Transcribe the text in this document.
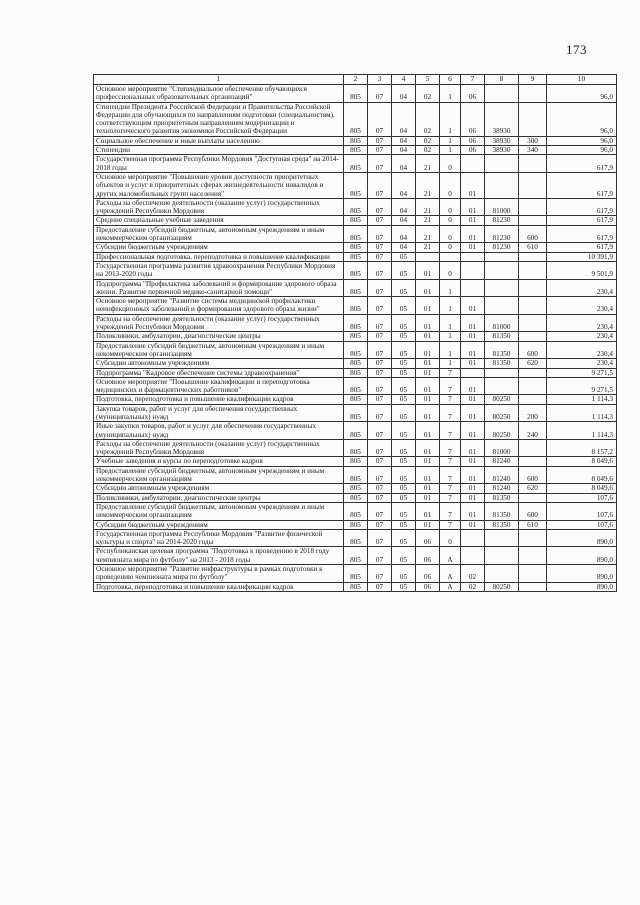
173
1	2	3	4	5	6	7	8	9	10
Основное мероприятие "Стипендиальное обеспечение обучающихся профессиональных образовательных организаций"	805	07	04	02	1	06			96,0
Стипендии Президента Российской Федерации и Правительства Российской Федерации для обучающихся по направлениям подготовки (специальностям), соответствующим приоритетным направлениям модернизации и технологического развития экономики Российской Федерации	805	07	04	02	1	06	38930		96,0
Социальное обеспечение и иные выплаты населению	805	07	04	02	1	06	38930	300	96,0
Стипендии	805	07	04	02	1	06	38930	340	96,0
Государственная программа Республики Мордовия "Доступная среда" на 2014-2018 годы	805	07	04	21	0				617,9
Основное мероприятие "Повышение уровня доступности приоритетных объектов и услуг в приоритетных сферах жизнедеятельности инвалидов и других маломобильных групп населения"	805	07	04	21	0	01			617,9
Расходы на обеспечение деятельности (оказание услуг) государственных учреждений Республики Мордовия	805	07	04	21	0	01	81000		617,9
Средние специальные учебные заведения	805	07	04	21	0	01	81230		617,9
Предоставление субсидий бюджетным, автономным учреждениям и иным некоммерческим организациям	805	07	04	21	0	01	81230	600	617,9
Субсидии бюджетным учреждениям	805	07	04	21	0	01	81230	610	617,9
Профессиональная подготовка, переподготовка и повышение квалификации	805	07	05						10 391,9
Государственная программа развития здравоохранения Республики Мордовия на 2013-2020 годы	805	07	05	01	0				9 501,9
Подпрограмма "Профилактика заболеваний и формирование здорового образа жизни. Развитие первичной медико-санитарной помощи"	805	07	05	01	1				230,4
Основное мероприятие "Развитие системы медицинской профилактики неинфекционных заболеваний и формирования здорового образа жизни"	805	07	05	01	1	01			230,4
Расходы на обеспечение деятельности (оказание услуг) государственных учреждений Республики Мордовия	805	07	05	01	1	01	81000		230,4
Поликлиники, амбулатории, диагностические центры	805	07	05	01	1	01	81350		230,4
Предоставление субсидий бюджетным, автономным учреждениям и иным некоммерческим организациям	805	07	05	01	1	01	81350	600	230,4
Субсидии автономным учреждениям	805	07	05	01	1	01	81350	620	230,4
Подпрограмма "Кадровое обеспечение системы здравоохранения"	805	07	05	01	7				9 271,5
Основное мероприятие "Повышение квалификации и переподготовка медицинских и фармацевтических работников"	805	07	05	01	7	01			9 271,5
Подготовка, переподготовка и повышение квалификации кадров	805	07	05	01	7	01	80250		1 114,3
Закупка товаров, работ и услуг для обеспечения государственных (муниципальных) нужд	805	07	05	01	7	01	80250	200	1 114,3
Иные закупки товаров, работ и услуг для обеспечения государственных (муниципальных) нужд	805	07	05	01	7	01	80250	240	1 114,3
Расходы на обеспечение деятельности (оказание услуг) государственных учреждений Республики Мордовия	805	07	05	01	7	01	81000		8 157,2
Учебные заведения и курсы по переподготовке кадров	805	07	05	01	7	01	81240		8 049,6
Предоставление субсидий бюджетным, автономным учреждениям и иным некоммерческим организациям	805	07	05	01	7	01	81240	600	8 049,6
Субсидии автономным учреждениям	805	07	05	01	7	01	81240	620	8 049,6
Поликлиники, амбулатории, диагностические центры	805	07	05	01	7	01	81350		107,6
Предоставление субсидий бюджетным, автономным учреждениям и иным некоммерческим организациям	805	07	05	01	7	01	81350	600	107,6
Субсидии бюджетным учреждениям	805	07	05	01	7	01	81350	610	107,6
Государственная программа Республики Мордовия "Развитие физической культуры и спорта" на 2014-2020 годы	805	07	05	06	0				890,0
Республиканская целевая программа "Подготовка к проведению в 2018 году чемпионата мира по футболу" на 2013 - 2018 годы	805	07	05	06	А				890,0
Основное мероприятие "Развитие инфраструктуры в рамках подготовки к проведению чемпионата мира по футболу"	805	07	05	06	А	02			890,0
Подготовка, переподготовка и повышение квалификации кадров	805	07	05	06	А	02	80250		890,0
